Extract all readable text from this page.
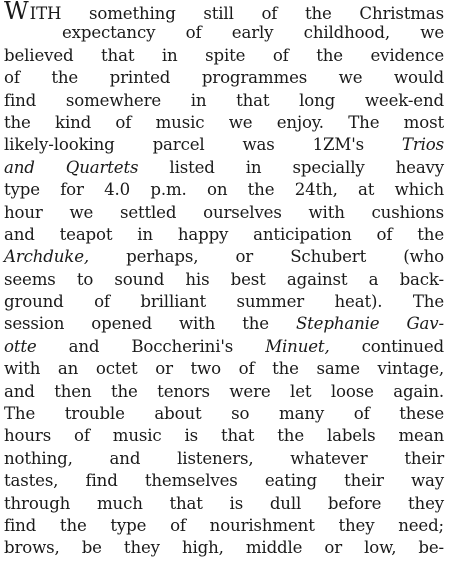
WITH something still of the Christmas
expectancy of early childhood, we
believed that in spite of the evidence
of the printed programmes we would
find somewhere in that long week-end
the kind of music we enjoy. The most
likely-looking parcel was 1ZM's Trios
and Quartets listed in specially heavy
type for 4.0 p.m. on the 24th, at which
hour we settled ourselves with cushions
and teapot in happy anticipation of the
Archduke, perhaps, or Schubert (who
seems to sound his best against a back-
ground of brilliant summer heat). The
session opened with the Stephanie Gav-
otte and Boccherini's Minuet, continued
with an octet or two of the same vintage,
and then the tenors were let loose again.
The trouble about so many of these
hours of music is that the labels mean
nothing, and listeners, whatever their
tastes, find themselves eating their way
through much that is dull before they
find the type of nourishment they need;
brows, be they high, middle or low, be-
